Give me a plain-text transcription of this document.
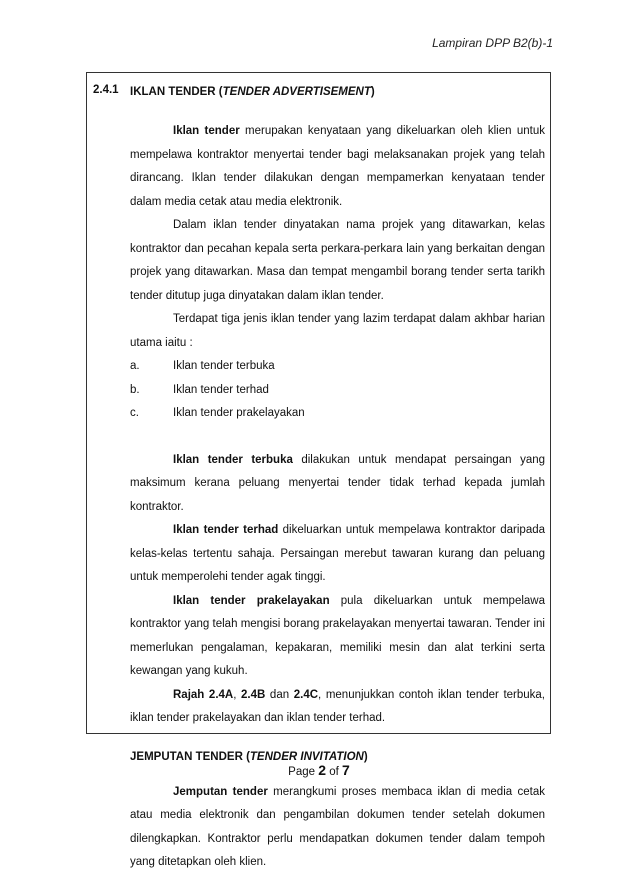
Lampiran DPP B2(b)-1
2.4.1 IKLAN TENDER (TENDER ADVERTISEMENT)

Iklan tender merupakan kenyataan yang dikeluarkan oleh klien untuk mempelawa kontraktor menyertai tender bagi melaksanakan projek yang telah dirancang. Iklan tender dilakukan dengan mempamerkan kenyataan tender dalam media cetak atau media elektronik.

Dalam iklan tender dinyatakan nama projek yang ditawarkan, kelas kontraktor dan pecahan kepala serta perkara-perkara lain yang berkaitan dengan projek yang ditawarkan. Masa dan tempat mengambil borang tender serta tarikh tender ditutup juga dinyatakan dalam iklan tender.

Terdapat tiga jenis iklan tender yang lazim terdapat dalam akhbar harian utama iaitu :

a.	Iklan tender terbuka
b.	Iklan tender terhad
c.	Iklan tender prakelayakan

Iklan tender terbuka dilakukan untuk mendapat persaingan yang maksimum kerana peluang menyertai tender tidak terhad kepada jumlah kontraktor.

Iklan tender terhad dikeluarkan untuk mempelawa kontraktor daripada kelas-kelas tertentu sahaja. Persaingan merebut tawaran kurang dan peluang untuk memperolehi tender agak tinggi.

Iklan tender prakelayakan pula dikeluarkan untuk mempelawa kontraktor yang telah mengisi borang prakelayakan menyertai tawaran. Tender ini memerlukan pengalaman, kepakaran, memiliki mesin dan alat terkini serta kewangan yang kukuh.

Rajah 2.4A, 2.4B dan 2.4C, menunjukkan contoh iklan tender terbuka, iklan tender prakelayakan dan iklan tender terhad.

JEMPUTAN TENDER (TENDER INVITATION)

Jemputan tender merangkumi proses membaca iklan di media cetak atau media elektronik dan pengambilan dokumen tender setelah dokumen dilengkapkan. Kontraktor perlu mendapatkan dokumen tender dalam tempoh yang ditetapkan oleh klien.

Page 2 of 7
